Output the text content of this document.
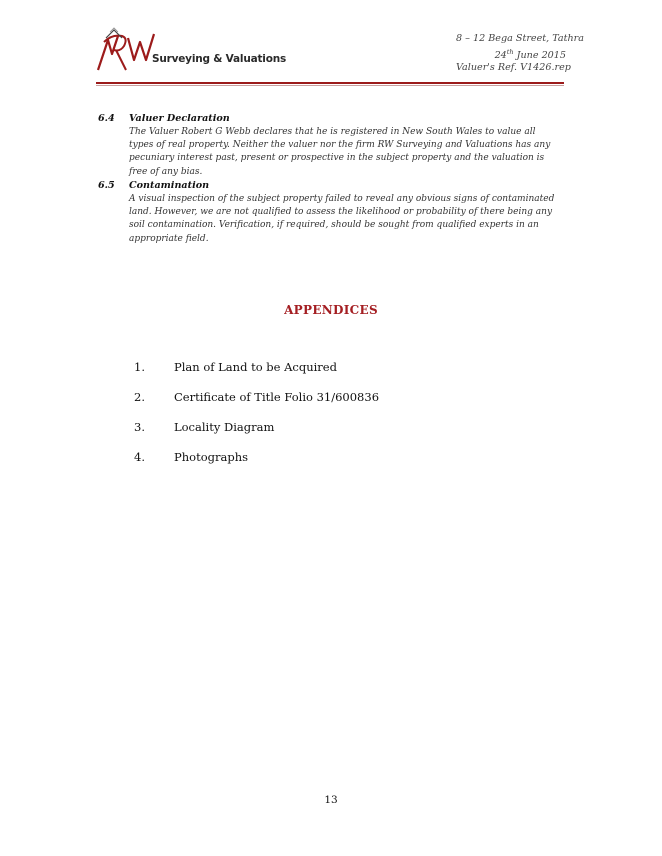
Surveying & Valuations
8 – 12 Bega Street, Tathra
24th June 2015
Valuer's Ref. V1426.rep
6.4 Valuer Declaration
The Valuer Robert G Webb declares that he is registered in New South Wales to value all types of real property. Neither the valuer nor the firm RW Surveying and Valuations has any pecuniary interest past, present or prospective in the subject property and the valuation is free of any bias.
6.5 Contamination
A visual inspection of the subject property failed to reveal any obvious signs of contaminated land. However, we are not qualified to assess the likelihood or probability of there being any soil contamination. Verification, if required, should be sought from qualified experts in an appropriate field.
APPENDICES
1.	Plan of Land to be Acquired
2.	Certificate of Title Folio 31/600836
3.	Locality Diagram
4.	Photographs
13
